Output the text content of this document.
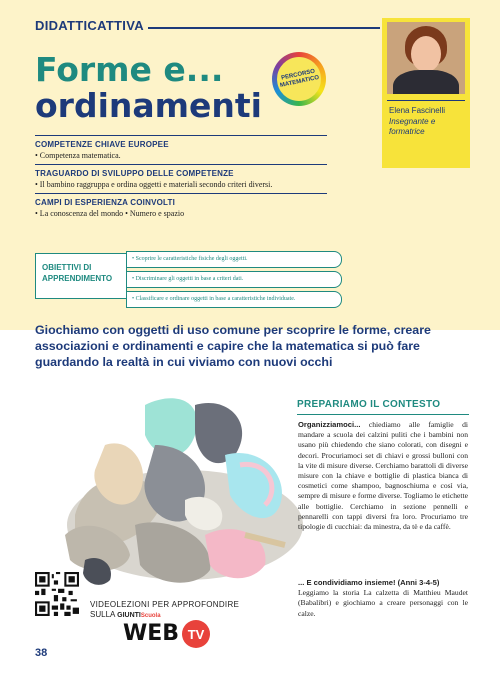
DIDATTICATTIVA
Forme e...
ordinamenti
PERCORSO MATEMATICO
Elena Fascinelli
Insegnante e formatrice
COMPETENZE CHIAVE EUROPEE
• Competenza matematica.
TRAGUARDO DI SVILUPPO DELLE COMPETENZE
• Il bambino raggruppa e ordina oggetti e materiali secondo criteri diversi.
CAMPI DI ESPERIENZA COINVOLTI
• La conoscenza del mondo • Numero e spazio
OBIETTIVI DI APPRENDIMENTO
• Scoprire le caratteristiche fisiche degli oggetti.
• Discriminare gli oggetti in base a criteri dati.
• Classificare e ordinare oggetti in base a caratteristiche individuate.
Giochiamo con oggetti di uso comune per scoprire le forme, creare associazioni e ordinamenti e capire che la matematica si può fare guardando la realtà in cui viviamo con nuovi occhi
PREPARIAMO IL CONTESTO
Organizziamoci... chiediamo alle famiglie di mandare a scuola dei calzini puliti che i bambini non usano più chiedendo che siano colorati, con disegni e decori. Procuriamoci set di chiavi e grossi bulloni con la vite di misure diverse. Cerchiamo barattoli di diverse misure con la chiave e bottiglie di plastica bianca di cosmetici come shampoo, bagnoschiuma e così via, sempre di misure e forme diverse. Togliamo le etichette alle bottiglie. Cerchiamo in sezione pennelli e pennarelli con tappi diversi fra loro. Procuriamo tre tipologie di cucchiai: da minestra, da tè e da caffè.
... E condividiamo insieme! (Anni 3-4-5)
Leggiamo la storia La calzetta di Matthieu Maudet (Babalibri) e giochiamo a creare personaggi con le calze.
VIDEOLEZIONI PER APPROFONDIRE
SULLA GIUNTIScuola
WEB TV
38
